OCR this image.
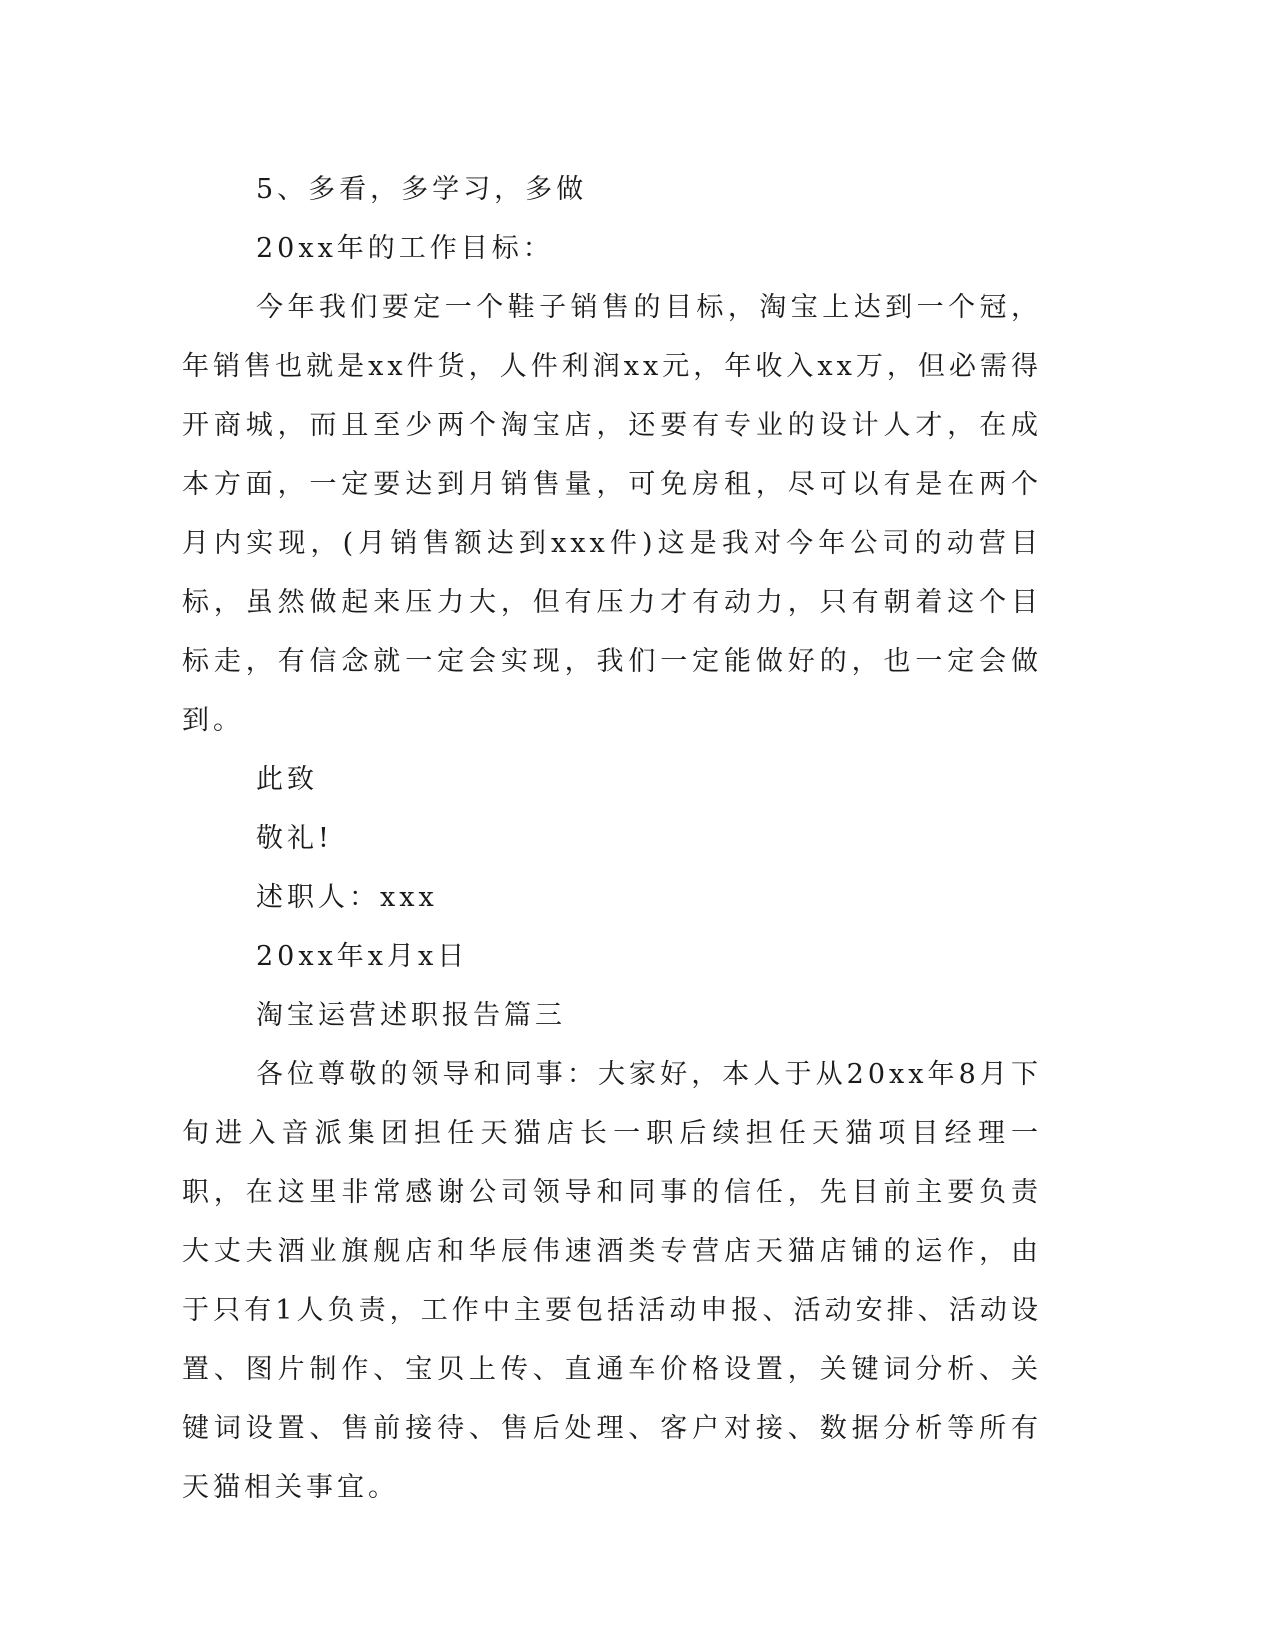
5、多看，多学习，多做

20xx年的工作目标：

今年我们要定一个鞋子销售的目标，淘宝上达到一个冠，年销售也就是xx件货，人件利润xx元，年收入xx万，但必需得开商城，而且至少两个淘宝店，还要有专业的设计人才，在成本方面，一定要达到月销售量，可免房租，尽可以有是在两个月内实现，(月销售额达到xxx件)这是我对今年公司的动营目标，虽然做起来压力大，但有压力才有动力，只有朝着这个目标走，有信念就一定会实现，我们一定能做好的，也一定会做到。

此致

敬礼!

述职人：xxx

20xx年x月x日

淘宝运营述职报告篇三

各位尊敬的领导和同事：大家好，本人于从20xx年8月下旬进入音派集团担任天猫店长一职后续担任天猫项目经理一职，在这里非常感谢公司领导和同事的信任，先目前主要负责大丈夫酒业旗舰店和华辰伟速酒类专营店天猫店铺的运作，由于只有1人负责，工作中主要包括活动申报、活动安排、活动设置、图片制作、宝贝上传、直通车价格设置，关键词分析、关键词设置、售前接待、售后处理、客户对接、数据分析等所有天猫相关事宜。
